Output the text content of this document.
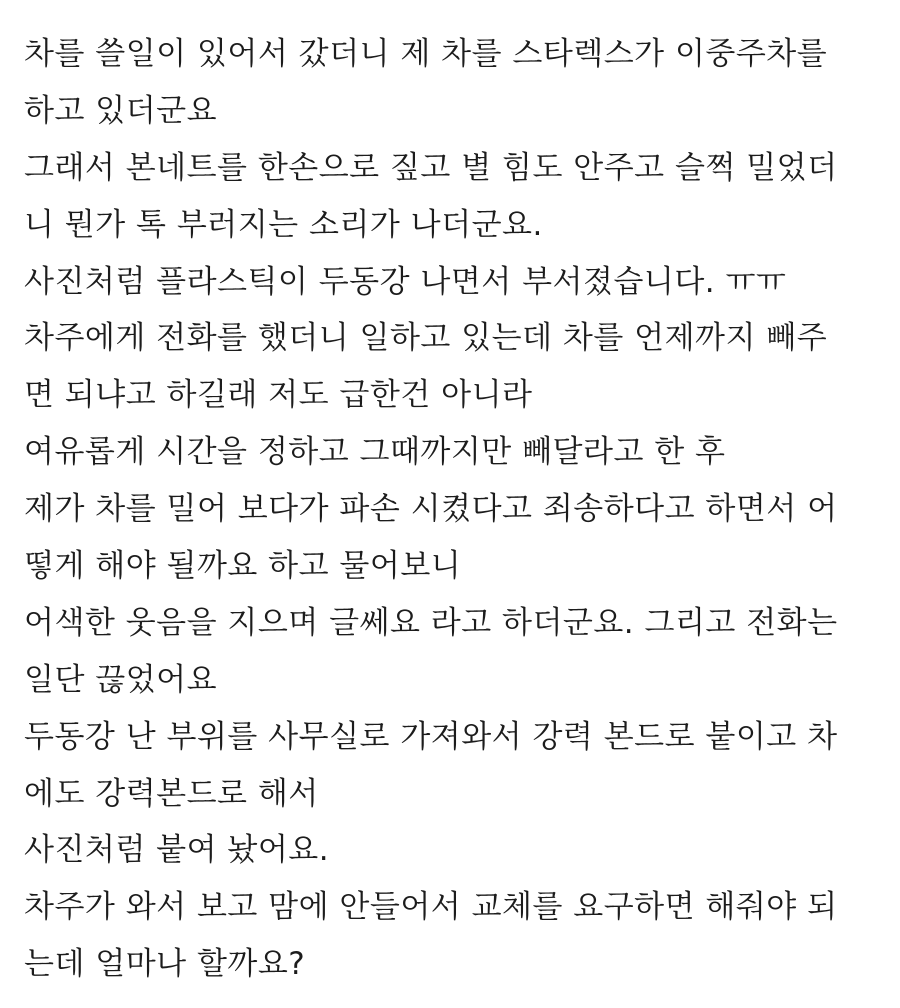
차를 쓸일이 있어서 갔더니 제 차를 스타렉스가 이중주차를
하고 있더군요
그래서 본네트를 한손으로 짚고 별 힘도 안주고 슬쩍 밀었더
니 뭔가 톡 부러지는 소리가 나더군요.
사진처럼 플라스틱이 두동강 나면서 부서졌습니다. ㅠㅠ
차주에게 전화를 했더니 일하고 있는데 차를 언제까지 빼주
면 되냐고 하길래 저도 급한건 아니라
여유롭게 시간을 정하고 그때까지만 빼달라고 한 후
제가 차를 밀어 보다가 파손 시켰다고 죄송하다고 하면서 어
떻게 해야 될까요 하고 물어보니
어색한 웃음을 지으며 글쎄요 라고 하더군요. 그리고 전화는
일단 끊었어요
두동강 난 부위를 사무실로 가져와서 강력 본드로 붙이고 차
에도 강력본드로 해서
사진처럼 붙여 놨어요.
차주가 와서 보고 맘에 안들어서 교체를 요구하면 해줘야 되
는데 얼마나 할까요?
